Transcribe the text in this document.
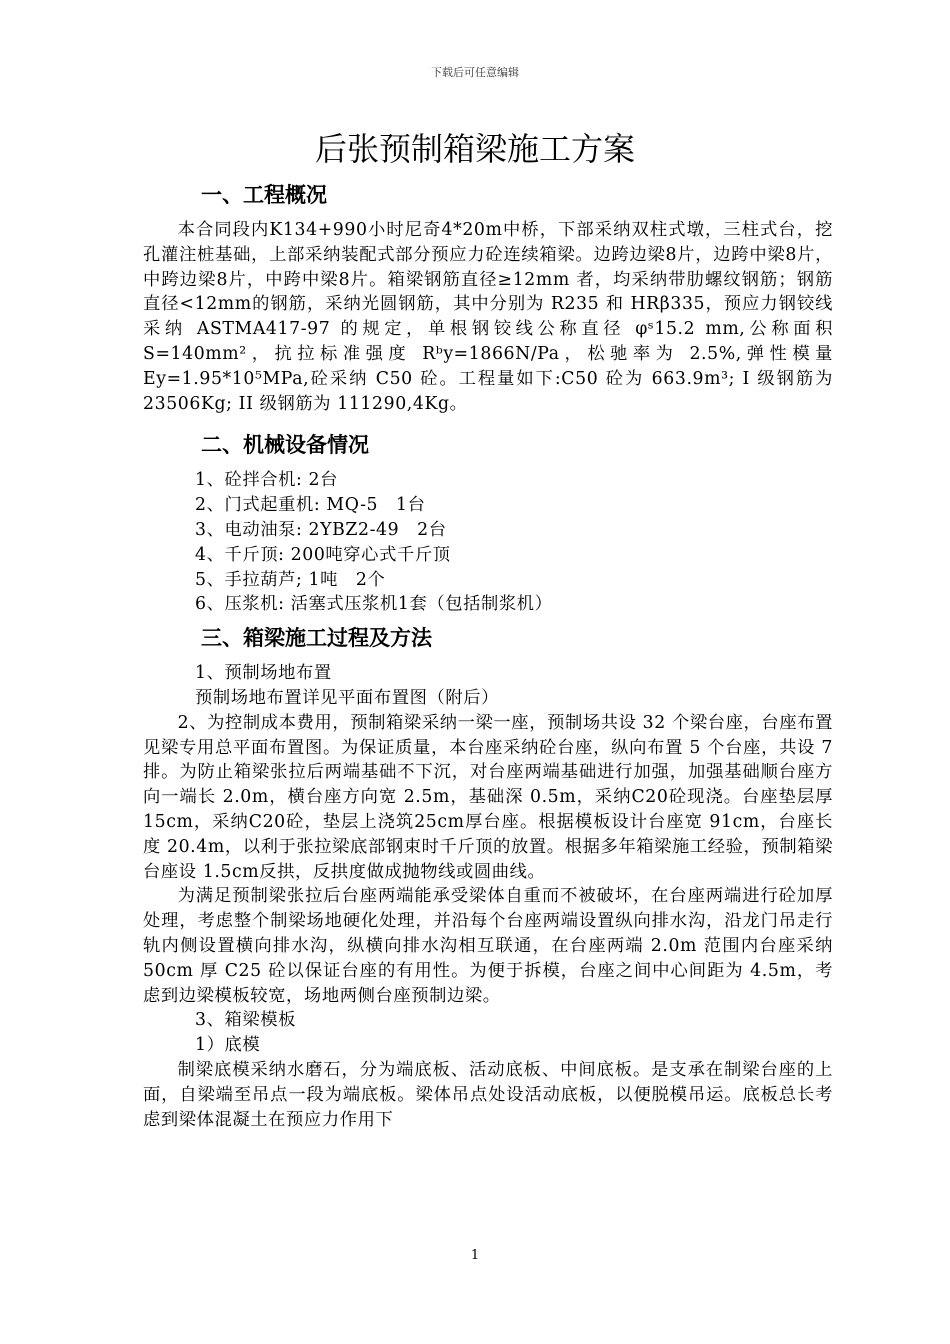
下载后可任意编辑
后张预制箱梁施工方案
一、工程概况

本合同段内K134+990小时尼奇4*20m中桥，下部采纳双柱式墩，三柱式台，挖孔灌注桩基础，上部采纳装配式部分预应力砼连续箱梁。边跨边梁8片，边跨中梁8片，中跨边梁8片，中跨中梁8片。箱梁钢筋直径≥12mm 者，均采纳带肋螺纹钢筋；钢筋直径<12mm的钢筋，采纳光圆钢筋，其中分别为 R235 和 HRβ335，预应力钢铰线采纳 ASTMA417-97 的规定，单根钢铰线公称直径 φˢ15.2 mm,公称面积 S=140mm²，抗拉标准强度 Rᵇy=1866N/Pa，松驰率为 2.5%,弹性模量 Ey=1.95*10⁵MPa,砼采纳 C50 砼。工程量如下:C50 砼为 663.9m³; I 级钢筋为 23506Kg; II 级钢筋为 111290,4Kg。

二、机械设备情况

1、砼拌合机: 2台

2、门式起重机: MQ-5　1台

3、电动油泵: 2YBZ2-49　2台

4、千斤顶: 200吨穿心式千斤顶

5、手拉葫芦; 1吨　2个

6、压浆机: 活塞式压浆机1套（包括制浆机）

三、箱梁施工过程及方法

1、预制场地布置

预制场地布置详见平面布置图（附后）

2、为控制成本费用，预制箱梁采纳一梁一座，预制场共设 32 个梁台座，台座布置见梁专用总平面布置图。为保证质量，本台座采纳砼台座，纵向布置 5 个台座，共设 7 排。为防止箱梁张拉后两端基础不下沉，对台座两端基础进行加强，加强基础顺台座方向一端长 2.0m，横台座方向宽 2.5m，基础深 0.5m，采纳C20砼现浇。台座垫层厚15cm，采纳C20砼，垫层上浇筑25cm厚台座。根据模板设计台座宽 91cm，台座长度 20.4m，以利于张拉梁底部钢束时千斤顶的放置。根据多年箱梁施工经验，预制箱梁台座设 1.5cm反拱，反拱度做成抛物线或圆曲线。

为满足预制梁张拉后台座两端能承受梁体自重而不被破坏，在台座两端进行砼加厚处理，考虑整个制梁场地硬化处理，并沿每个台座两端设置纵向排水沟，沿龙门吊走行轨内侧设置横向排水沟，纵横向排水沟相互联通，在台座两端 2.0m 范围内台座采纳 50cm 厚 C25 砼以保证台座的有用性。为便于拆模，台座之间中心间距为 4.5m，考虑到边梁模板较宽，场地两侧台座预制边梁。

3、箱梁模板

1）底模

制梁底模采纳水磨石，分为端底板、活动底板、中间底板。是支承在制梁台座的上面，自梁端至吊点一段为端底板。梁体吊点处设活动底板，以便脱模吊运。底板总长考虑到梁体混凝土在预应力作用下

1
